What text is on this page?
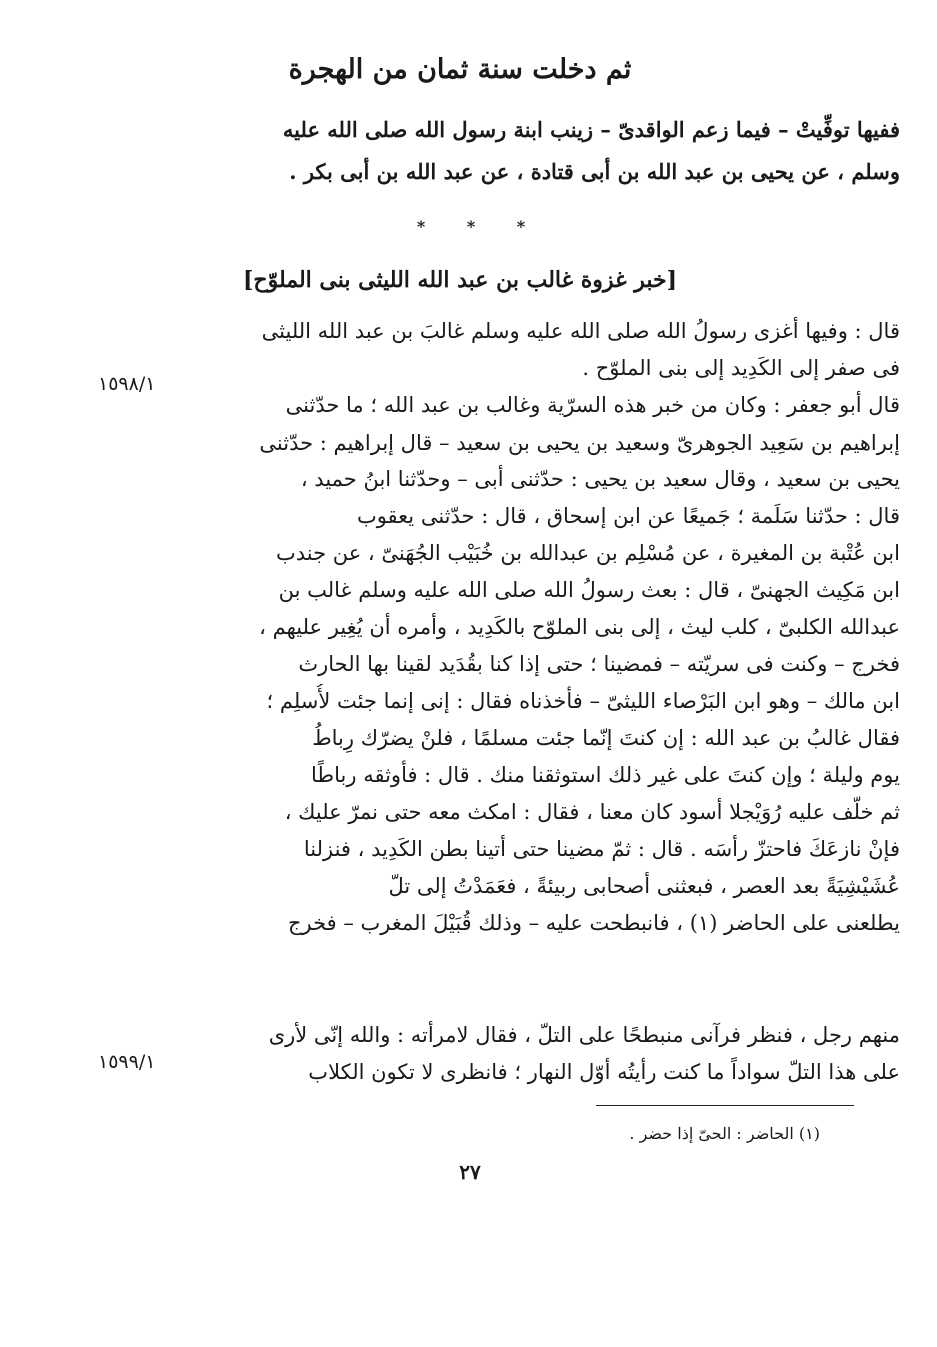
ثم دخلت سنة ثمان من الهجرة
ففيها توفِّيتْ – فيما زعم الواقدىّ – زينب ابنة رسول الله صلى الله عليه
وسلم ، عن يحيى بن عبد الله بن أبى قتادة ، عن عبد الله بن أبى بكر .
* * *
[خبر غزوة غالب بن عبد الله الليثى بنى الملوّح]
قال : وفيها أغزى رسولُ الله صلى الله عليه وسلم غالبَ بن عبد الله الليثى
فى صفر إلى الكَدِيد إلى بنى الملوّح .
قال أبو جعفر : وكان من خبر هذه السرّية وغالب بن عبد الله ؛ ما حدّثنى
إبراهيم بن سَعِيد الجوهرىّ وسعيد بن يحيى بن سعيد – قال إبراهيم : حدّثنى
يحيى بن سعيد ، وقال سعيد بن يحيى : حدّثنى أبى – وحدّثنا ابنُ حميد ،
قال : حدّثنا سَلَمة ؛ جَميعًا عن ابن إسحاق ، قال : حدّثنى يعقوب
ابن عُتْبة بن المغيرة ، عن مُسْلِم بن عبدالله بن خُبَيْب الجُهَنىّ ، عن جندب
ابن مَكِيث الجهنىّ ، قال : بعث رسولُ الله صلى الله عليه وسلم غالب بن
عبدالله الكلبىّ ، كلب ليث ، إلى بنى الملوّح بالكَدِيد ، وأمره أن يُغِير عليهم ،
فخرج – وكنت فى سريّته – فمضينا ؛ حتى إذا كنا بقُدَيد لقينا بها الحارث
ابن مالك – وهو ابن البَرْصاء الليثىّ – فأخذناه فقال : إنى إنما جئت لأُسلِم ؛
فقال غالبُ بن عبد الله : إن كنتَ إنّما جئت مسلمًا ، فلنْ يضرّك رِباطُ
يوم وليلة ؛ وإن كنتَ على غير ذلك استوثقنا منك . قال : فأوثقه رباطًا
ثم خلّف عليه رُوَيْجلا أسود كان معنا ، فقال : امكث معه حتى نمرّ عليك ،
فإنْ نازعَكَ فاحتزّ رأسَه . قال : ثمّ مضينا حتى أتينا بطن الكَدِيد ، فنزلنا
عُشَيْشِيَةً بعد العصر ، فبعثنى أصحابى ربيئةً ، فعَمَدْتُ إلى تلّ
يطلعنى على الحاضر (١) ، فانبطحت عليه – وذلك قُبَيْلَ المغرب – فخرج
منهم رجل ، فنظر فرآنى منبطحًا على التلّ ، فقال لامرأته : والله إنّى لأرى
على هذا التلّ سواداً ما كنت رأيتُه أوّل النهار ؛ فانظرى لا تكون الكلاب
١٥٩٨/١
١٥٩٩/١
(١) الحاضر : الحىّ إذا حضر .
٢٧
